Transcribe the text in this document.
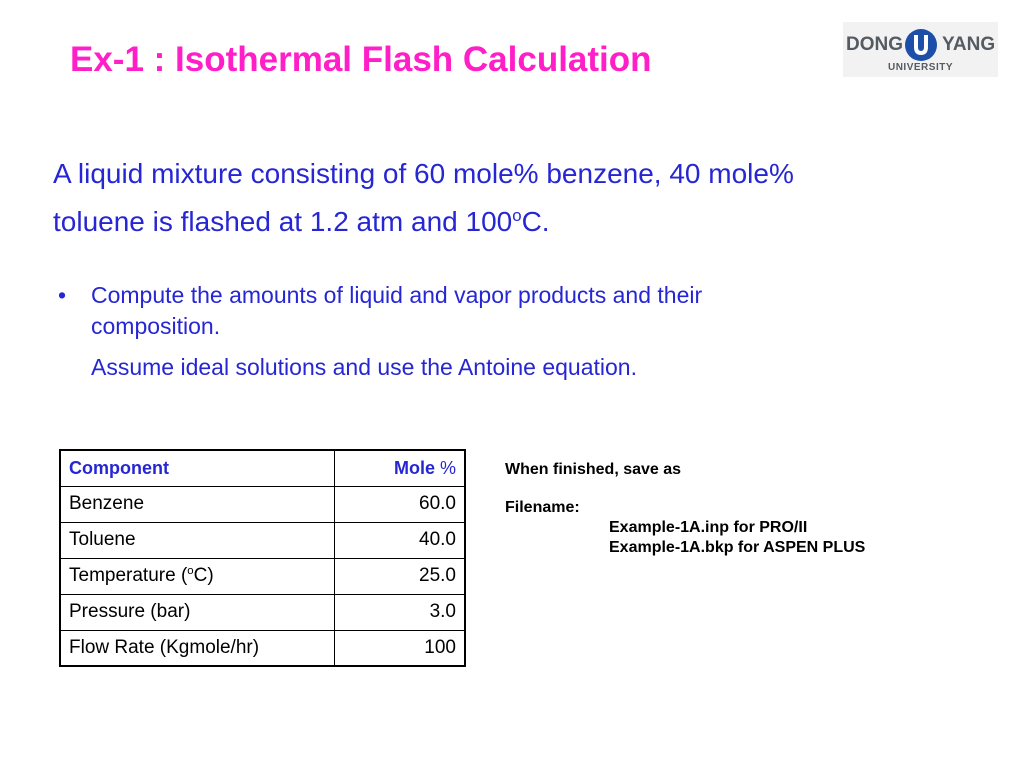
Ex-1 : Isothermal Flash Calculation	DONG YANG
UNIVERSITY
A liquid mixture consisting of 60 mole% benzene, 40 mole%
toluene is flashed at 1.2 atm and 100$^o$C.
• Compute the amounts of liquid and vapor products and their
composition.
Assume ideal solutions and use the Antoine equation.
Component	Mole %
Benzene	60.0
Toluene	40.0
Temperature ($^o$C)	25.0
Pressure (bar)	3.0
Flow Rate (Kgmole/hr)	100
When finished, save as
Filename:
Example-1A.inp for PRO/II
Example-1A.bkp for ASPEN PLUS
